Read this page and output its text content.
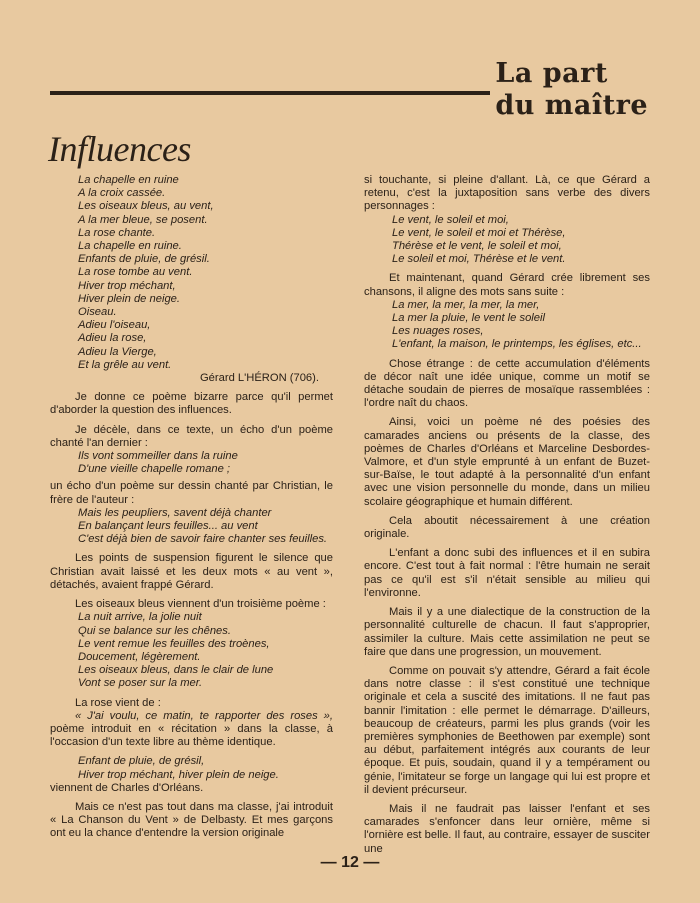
La part
du maître
Influences
La chapelle en ruine
A la croix cassée.
Les oiseaux bleus, au vent,
A la mer bleue, se posent.
La rose chante.
La chapelle en ruine.
Enfants de pluie, de grésil.
La rose tombe au vent.
Hiver trop méchant,
Hiver plein de neige.
Oiseau.
Adieu l'oiseau,
Adieu la rose,
Adieu la Vierge,
Et la grêle au vent.
Gérard L'HÉRON (706).

Je donne ce poème bizarre parce qu'il permet d'aborder la question des influences.

Je décèle, dans ce texte, un écho d'un poème chanté l'an dernier :

Ils vont sommeiller dans la ruine
D'une vieille chapelle romane ;

un écho d'un poème sur dessin chanté par Christian, le frère de l'auteur :

Mais les peupliers, savent déjà chanter
En balançant leurs feuilles... au vent
C'est déjà bien de savoir faire chanter ses feuilles.

Les points de suspension figurent le silence que Christian avait laissé et les deux mots « au vent », détachés, avaient frappé Gérard.

Les oiseaux bleus viennent d'un troisième poème :

La nuit arrive, la jolie nuit
Qui se balance sur les chênes.
Le vent remue les feuilles des troènes,
Doucement, légèrement.
Les oiseaux bleus, dans le clair de lune
Vont se poser sur la mer.

La rose vient de :

« J'ai voulu, ce matin, te rapporter des roses », poème introduit en « récitation » dans la classe, à l'occasion d'un texte libre au thème identique.

Enfant de pluie, de grésil,
Hiver trop méchant, hiver plein de neige.

viennent de Charles d'Orléans.

Mais ce n'est pas tout dans ma classe, j'ai introduit « La Chanson du Vent » de Delbasty. Et mes garçons ont eu la chance d'entendre la version originale

si touchante, si pleine d'allant. Là, ce que Gérard a retenu, c'est la juxtaposition sans verbe des divers personnages :

Le vent, le soleil et moi,
Le vent, le soleil et moi et Thérèse,
Thérèse et le vent, le soleil et moi,
Le soleil et moi, Thérèse et le vent.

Et maintenant, quand Gérard crée librement ses chansons, il aligne des mots sans suite :

La mer, la mer, la mer, la mer,
La mer la pluie, le vent le soleil
Les nuages roses,
L'enfant, la maison, le printemps, les églises, etc...

Chose étrange : de cette accumulation d'éléments de décor naît une idée unique, comme un motif se détache soudain de pierres de mosaïque rassemblées : l'ordre naît du chaos.

Ainsi, voici un poème né des poésies des camarades anciens ou présents de la classe, des poèmes de Charles d'Orléans et Marceline Desbordes-Valmore, et d'un style emprunté à un enfant de Buzet-sur-Baïse, le tout adapté à la personnalité d'un enfant avec une vision personnelle du monde, dans un milieu scolaire géographique et humain différent.

Cela aboutit nécessairement à une création originale.

L'enfant a donc subi des influences et il en subira encore. C'est tout à fait normal : l'être humain ne serait pas ce qu'il est s'il n'était sensible au milieu qui l'environne.

Mais il y a une dialectique de la construction de la personnalité culturelle de chacun. Il faut s'approprier, assimiler la culture. Mais cette assimilation ne peut se faire que dans une progression, un mouvement.

Comme on pouvait s'y attendre, Gérard a fait école dans notre classe : il s'est constitué une technique originale et cela a suscité des imitations. Il ne faut pas bannir l'imitation : elle permet le démarrage. D'ailleurs, beaucoup de créateurs, parmi les plus grands (voir les premières symphonies de Beethowen par exemple) sont au début, parfaitement intégrés aux courants de leur époque. Et puis, soudain, quand il y a tempérament ou génie, l'imitateur se forge un langage qui lui est propre et il devient précurseur.

Mais il ne faudrait pas laisser l'enfant et ses camarades s'enfoncer dans leur ornière, même si l'ornière est belle. Il faut, au contraire, essayer de susciter une

— 12 —
